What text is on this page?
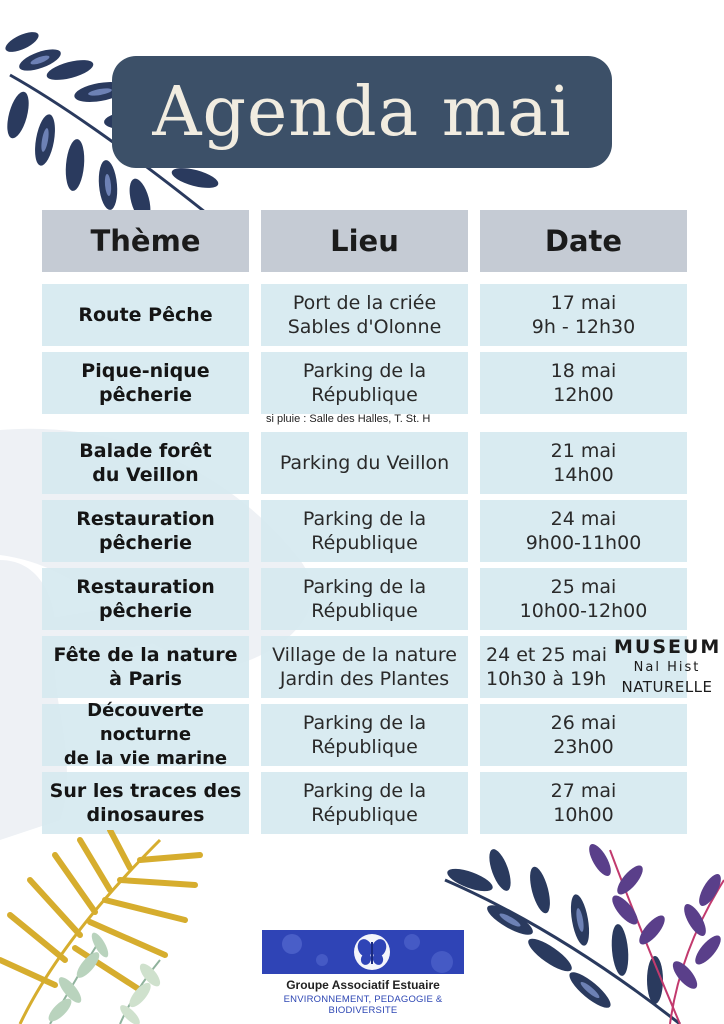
Agenda mai
Thème	Lieu	Date
Route Pêche
Port de la criée
Sables d'Olonne
17 mai
9h - 12h30
Pique-nique
pêcherie
Parking de la
République
18 mai
12h00
si pluie : Salle des Halles, T. St. H
Balade forêt
du Veillon
Parking du Veillon
21 mai
14h00
Restauration
pêcherie
Parking de la
République
24 mai
9h00-11h00
Restauration
pêcherie
Parking de la
République
25 mai
10h00-12h00
Fête de la nature
à Paris
Village de la nature
Jardin des Plantes
24 et 25 mai
10h30 à 19h
MUSEUM
Nal Hist
NATURELLE
Découverte nocturne
de la vie marine
Parking de la
République
26 mai
23h00
Sur les traces des
dinosaures
Parking de la
République
27 mai
10h00
Groupe Associatif Estuaire
ENVIRONNEMENT, PEDAGOGIE & BIODIVERSITE
